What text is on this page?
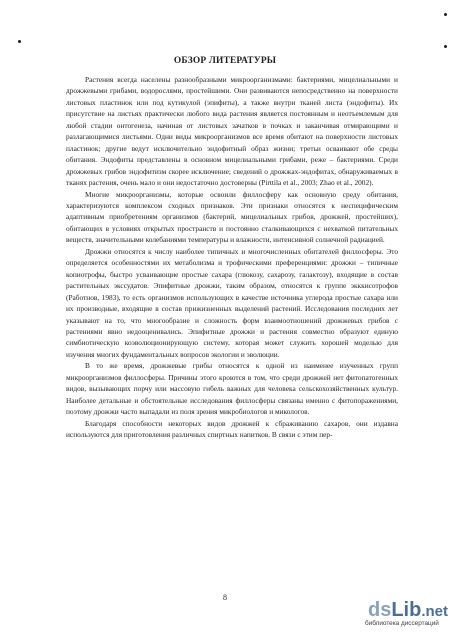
ОБЗОР ЛИТЕРАТУРЫ

Растения всегда населены разнообразными микроорганизмами: бактериями, мицелиальными и дрожжевыми грибами, водорослями, простейшими. Они развиваются непосредственно на поверхности листовых пластинок или под кутикулой (эпифиты), а также внутри тканей листа (эндофиты). Их присутствие на листьях практически любого вида растения является постоянным и неотъемлемым для любой стадии онтогенеза, начиная от листовых зачатков в почках и заканчивая отмирающими и разлагающимися листьями. Одни виды микроорганизмов все время обитают на поверхности листовых пластинок; другие ведут исключительно эндофитный образ жизни; третьи осваивают обе среды обитания. Эндофиты представлены в основном мицелиальными грибами, реже – бактериями. Среди дрожжевых грибов эндофитизм скорее исключение; сведений о дрожжах-эндофитах, обнаруживаемых в тканях растения, очень мало и они недостаточно достоверны (Pirttila et al., 2003; Zhao et al., 2002).

Многие микроорганизмы, которые освоили филлосферу как основную среду обитания, характеризуются комплексом сходных признаков. Эти признаки относятся к неспецифическим адаптивным приобретениям организмов (бактерий, мицелиальных грибов, дрожжей, простейших), обитающих в условиях открытых пространств и постоянно сталкивающихся с нехваткой питательных веществ, значительными колебаниями температуры и влажности, интенсивной солнечной радиацией.

Дрожжи относятся к числу наиболее типичных и многочисленных обитателей филлосферы. Это определяется особенностями их метаболизма и трофическими преференциями: дрожжи – типичные копиотрофы, быстро усваивающие простые сахара (глюкозу, сахарозу, галактозу), входящие в состав растительных экссудатов. Эпифитные дрожжи, таким образом, относятся к группе экккисотрофов (Работнов, 1983), то есть организмов использующих в качестве источника углерода простые сахара или их производные, входящие в состав прижизненных выделений растений. Исследования последних лет указывают на то, что многообразие и сложность форм взаимоотношений дрожжевых грибов с растениями явно недооценивались. Эпифитные дрожжи и растения совместно образуют единую симбиотическую коэволюционирующую систему, которая может служить хорошей моделью для изучения многих фундаментальных вопросов экологии и эволюции.

В то же время, дрожжевые грибы относятся к одной из наименее изученных групп микроорганизмов филлосферы. Причины этого кроются в том, что среди дрожжей нет фитопатогенных видов, вызывающих порчу или массовую гибель важных для человека сельскохозяйственных культур. Наиболее детальные и обстоятельные исследования филлосферы связаны именно с фитопоражениями, поэтому дрожжи часто выпадали из поля зрения микробиологов и микологов.

Благодаря способности некоторых видов дрожжей к сбраживанию сахаров, они издавна используются для приготовления различных спиртных напитков. В связи с этим пер-

8
dsLib.net
библиотека диссертаций
